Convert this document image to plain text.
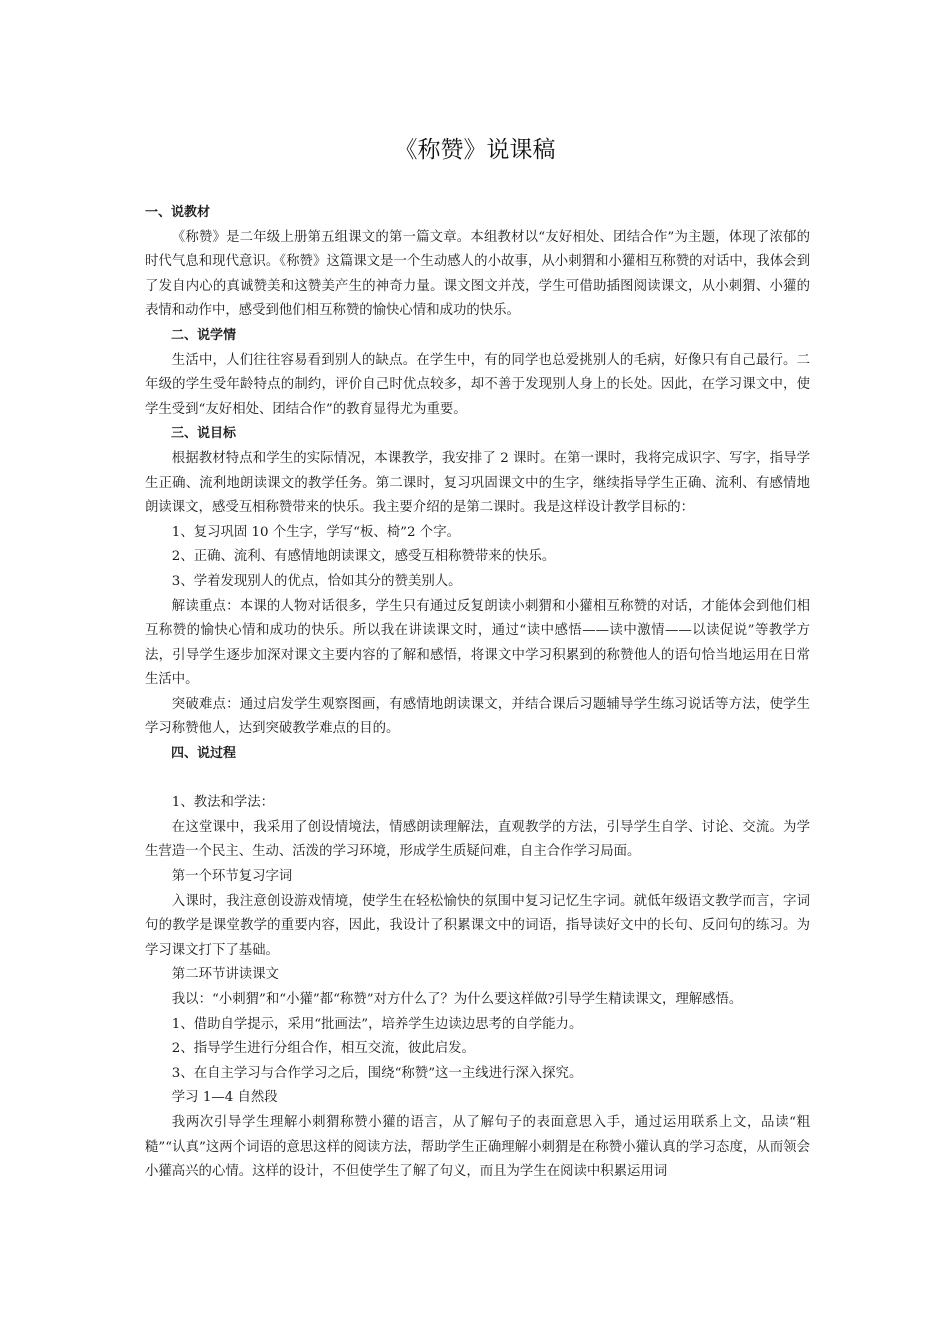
《称赞》说课稿

一、说教材

《称赞》是二年级上册第五组课文的第一篇文章。本组教材以“友好相处、团结合作”为主题，体现了浓郁的时代气息和现代意识。《称赞》这篇课文是一个生动感人的小故事，从小刺猬和小獾相互称赞的对话中，我体会到了发自内心的真诚赞美和这赞美产生的神奇力量。课文图文并茂，学生可借助插图阅读课文，从小刺猬、小獾的表情和动作中，感受到他们相互称赞的愉快心情和成功的快乐。

二、说学情

生活中，人们往往容易看到别人的缺点。在学生中，有的同学也总爱挑别人的毛病，好像只有自己最行。二年级的学生受年龄特点的制约，评价自己时优点较多，却不善于发现别人身上的长处。因此，在学习课文中，使学生受到“友好相处、团结合作”的教育显得尤为重要。

三、说目标

根据教材特点和学生的实际情况，本课教学，我安排了 2 课时。在第一课时，我将完成识字、写字，指导学生正确、流利地朗读课文的教学任务。第二课时，复习巩固课文中的生字，继续指导学生正确、流利、有感情地朗读课文，感受互相称赞带来的快乐。我主要介绍的是第二课时。我是这样设计教学目标的：

1、复习巩固 10 个生字，学写“板、椅”2 个字。

2、正确、流利、有感情地朗读课文，感受互相称赞带来的快乐。

3、学着发现别人的优点，恰如其分的赞美别人。

解读重点：本课的人物对话很多，学生只有通过反复朗读小刺猬和小獾相互称赞的对话，才能体会到他们相互称赞的愉快心情和成功的快乐。所以我在讲读课文时，通过“读中感悟——读中激情——以读促说”等教学方法，引导学生逐步加深对课文主要内容的了解和感悟，将课文中学习积累到的称赞他人的语句恰当地运用在日常生活中。

突破难点：通过启发学生观察图画，有感情地朗读课文，并结合课后习题辅导学生练习说话等方法，使学生学习称赞他人，达到突破教学难点的目的。

四、说过程

1、教法和学法：

在这堂课中，我采用了创设情境法，情感朗读理解法，直观教学的方法，引导学生自学、讨论、交流。为学生营造一个民主、生动、活泼的学习环境，形成学生质疑问难，自主合作学习局面。

第一个环节复习字词

入课时，我注意创设游戏情境，使学生在轻松愉快的氛围中复习记忆生字词。就低年级语文教学而言，字词句的教学是课堂教学的重要内容，因此，我设计了积累课文中的词语，指导读好文中的长句、反问句的练习。为学习课文打下了基础。

第二环节讲读课文

我以：“小刺猬”和“小獾”都“称赞”对方什么了？为什么要这样做?引导学生精读课文，理解感悟。

1、借助自学提示，采用“批画法”，培养学生边读边思考的自学能力。

2、指导学生进行分组合作，相互交流，彼此启发。

3、在自主学习与合作学习之后，围绕“称赞”这一主线进行深入探究。

学习 1—4 自然段

我两次引导学生理解小刺猬称赞小獾的语言，从了解句子的表面意思入手，通过运用联系上文，品读“粗糙”“认真”这两个词语的意思这样的阅读方法，帮助学生正确理解小刺猬是在称赞小獾认真的学习态度，从而领会小獾高兴的心情。这样的设计，不但使学生了解了句义，而且为学生在阅读中积累运用词
